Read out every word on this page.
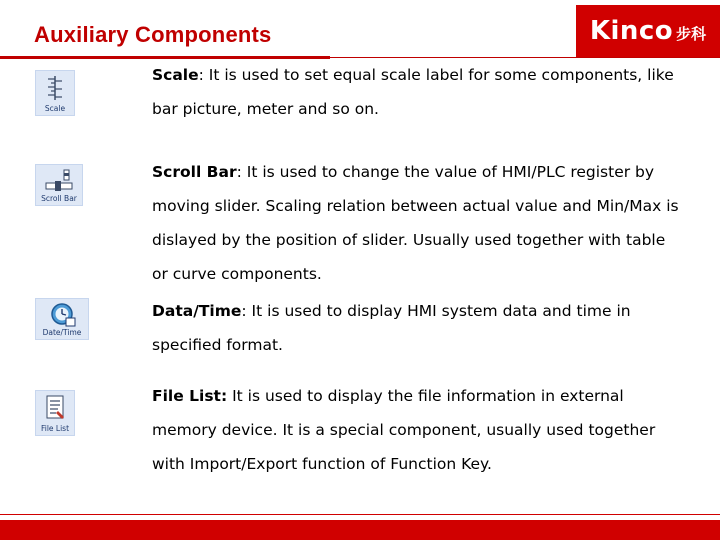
Auxiliary Components	Kinco 步科
Scale
Scale: It is used to set equal scale label for some components, like bar picture, meter and so on.
Scroll Bar
Scroll Bar: It is used to change the value of HMI/PLC register by moving slider. Scaling relation between actual value and Min/Max is dislayed by the position of slider. Usually used together with table or curve components.
Date/Time
Data/Time: It is used to display HMI system data and time in specified format.
File List
File List: It is used to display the file information in external memory device. It is a special component, usually used together with Import/Export function of Function Key.
